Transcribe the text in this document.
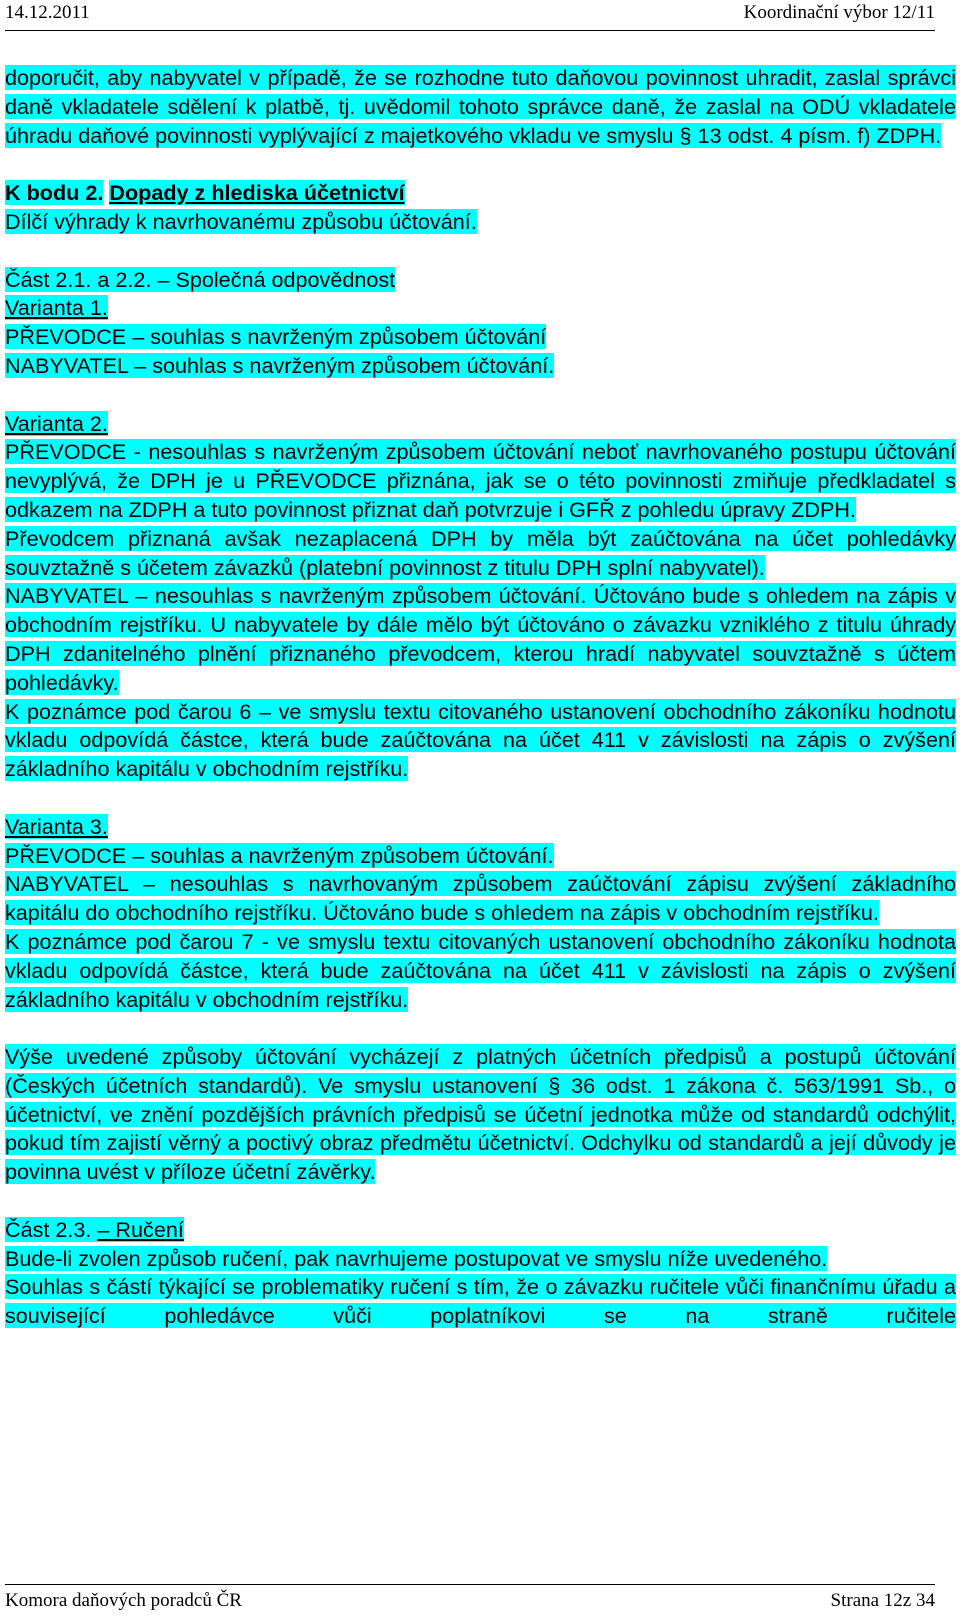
14.12.2011	Koordinační výbor 12/11

doporučit, aby nabyvatel v případě, že se rozhodne tuto daňovou povinnost uhradit, zaslal správci daně vkladatele sdělení k platbě, tj. uvědomil tohoto správce daně, že zaslal na ODÚ vkladatele úhradu daňové povinnosti vyplývající z majetkového vkladu ve smyslu § 13 odst. 4 písm. f) ZDPH.

K bodu 2. Dopady z hlediska účetnictví

Dílčí výhrady k navrhovanému způsobu účtování.

Část 2.1. a 2.2. – Společná odpovědnost

Varianta 1.

PŘEVODCE – souhlas s navrženým způsobem účtování

NABYVATEL – souhlas s navrženým způsobem účtování.

Varianta 2.

PŘEVODCE - nesouhlas s navrženým způsobem účtování neboť navrhovaného postupu účtování nevyplývá, že DPH je u PŘEVODCE přiznána, jak se o této povinnosti zmiňuje předkladatel s odkazem na ZDPH a tuto povinnost přiznat daň potvrzuje i GFŘ z pohledu úpravy ZDPH.

Převodcem přiznaná avšak nezaplacená DPH by měla být zaúčtována na účet pohledávky souvztažně s účetem závazků (platební povinnost z titulu DPH splní nabyvatel).

NABYVATEL – nesouhlas s navrženým způsobem účtování. Účtováno bude s ohledem na zápis v obchodním rejstříku. U nabyvatele by dále mělo být účtováno o závazku vzniklého z titulu úhrady DPH zdanitelného plnění přiznaného převodcem, kterou hradí nabyvatel souvztažně s účtem pohledávky.

K poznámce pod čarou 6 – ve smyslu textu citovaného ustanovení obchodního zákoníku hodnotu vkladu odpovídá částce, která bude zaúčtována na účet 411 v závislosti na zápis o zvýšení základního kapitálu v obchodním rejstříku.

Varianta 3.

PŘEVODCE – souhlas a navrženým způsobem účtování.

NABYVATEL – nesouhlas s navrhovaným způsobem zaúčtování zápisu zvýšení základního kapitálu do obchodního rejstříku. Účtováno bude s ohledem na zápis v obchodním rejstříku.

K poznámce pod čarou 7 - ve smyslu textu citovaných ustanovení obchodního zákoníku hodnota vkladu odpovídá částce, která bude zaúčtována na účet 411 v závislosti na zápis o zvýšení základního kapitálu v obchodním rejstříku.

Výše uvedené způsoby účtování vycházejí z platných účetních předpisů a postupů účtování (Českých účetních standardů). Ve smyslu ustanovení § 36 odst. 1 zákona č. 563/1991 Sb., o účetnictví, ve znění pozdějších právních předpisů se účetní jednotka může od standardů odchýlit, pokud tím zajistí věrný a poctivý obraz předmětu účetnictví. Odchylku od standardů a její důvody je povinna uvést v příloze účetní závěrky.

Část 2.3. – Ručení

Bude-li zvolen způsob ručení, pak navrhujeme postupovat ve smyslu níže uvedeného.

Souhlas s částí týkající se problematiky ručení s tím, že o závazku ručitele vůči finančnímu úřadu a související pohledávce vůči poplatníkovi se na straně ručitele

Komora daňových poradců ČR	Strana 12z 34
